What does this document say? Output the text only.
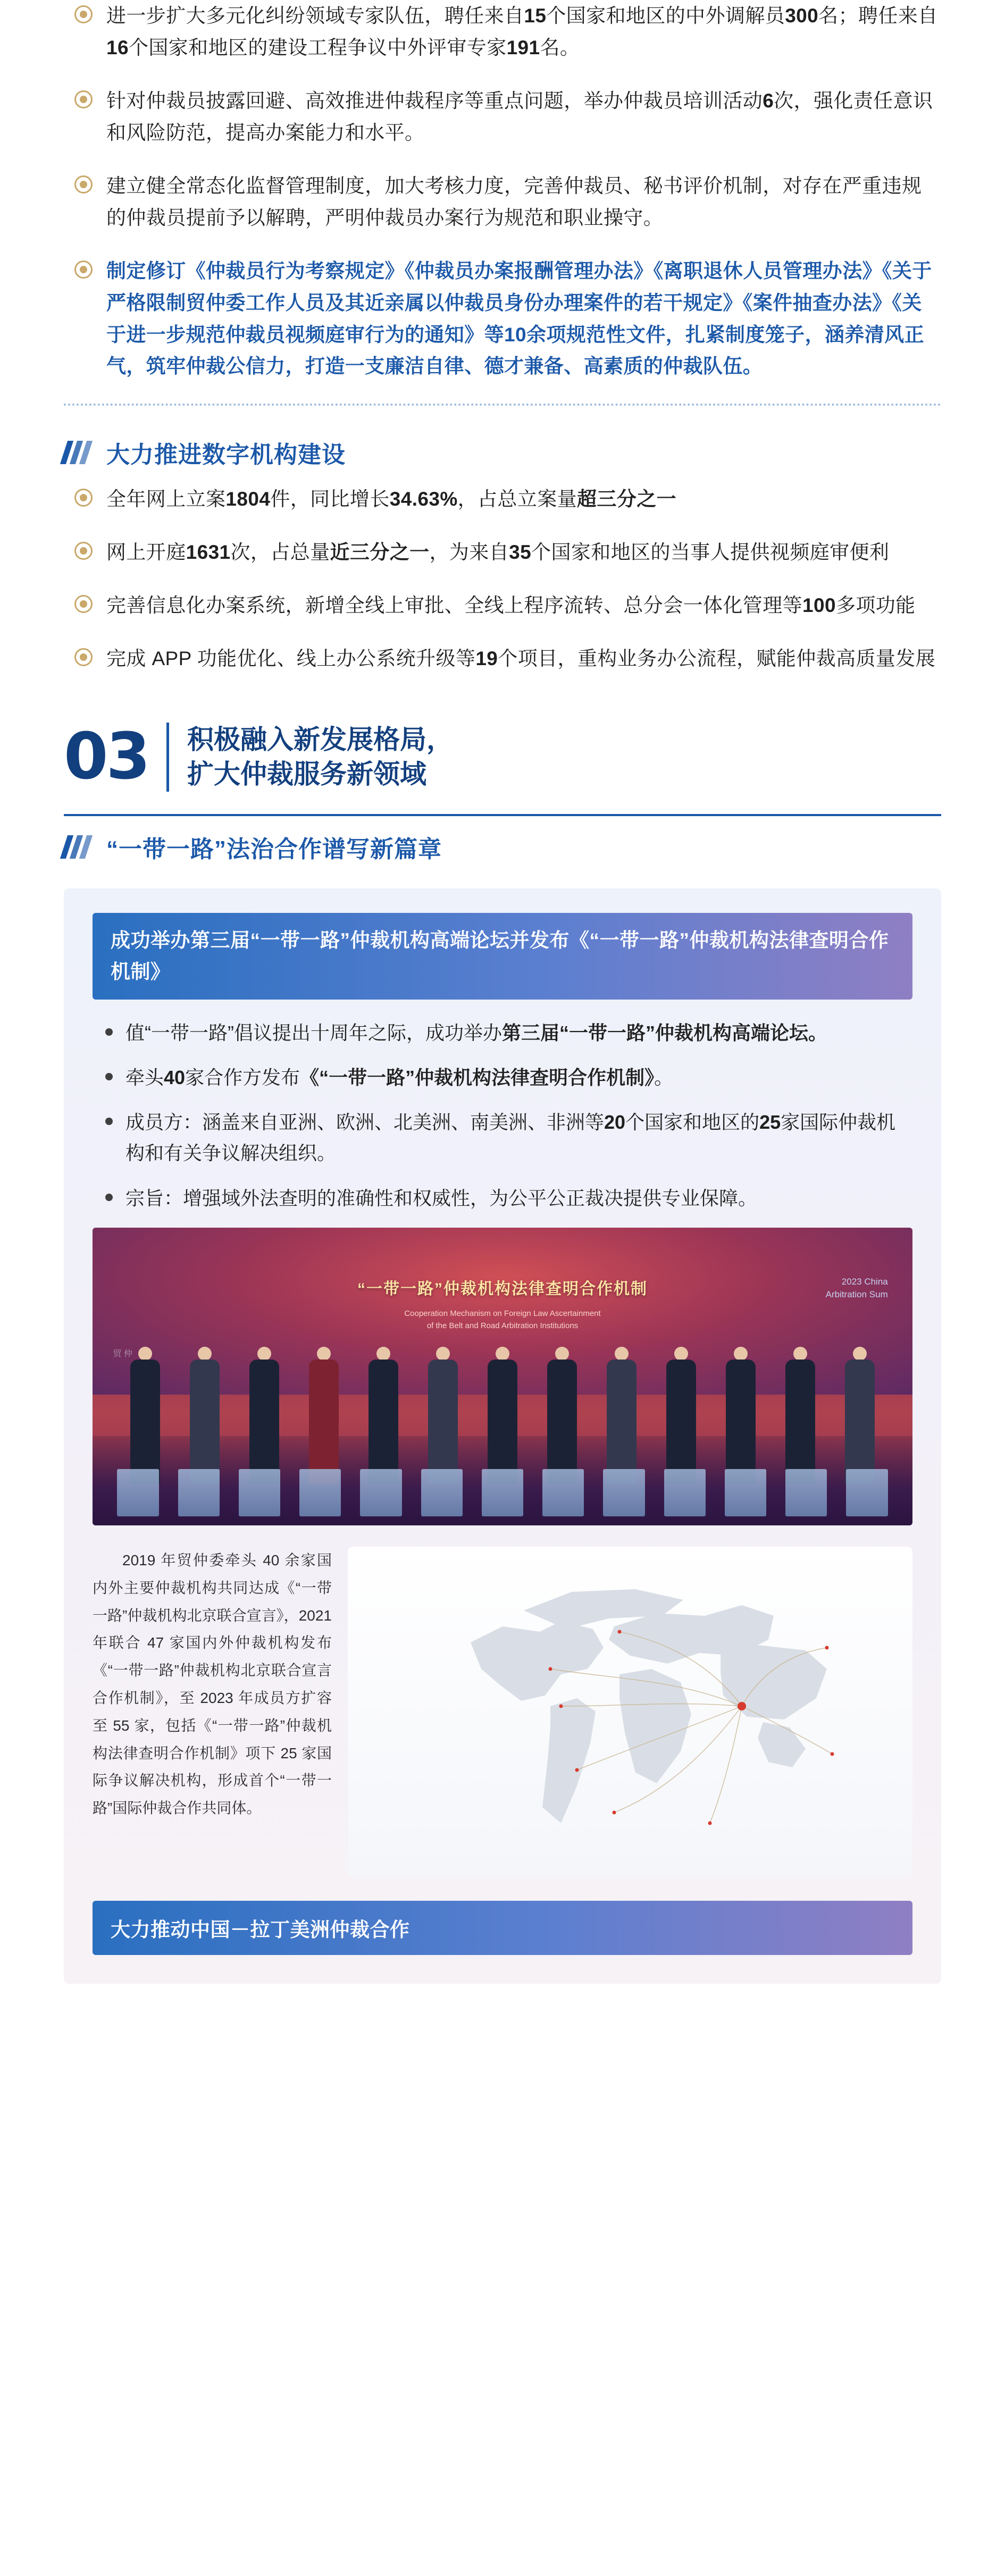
进一步扩大多元化纠纷领域专家队伍，聘任来自15个国家和地区的中外调解员300名；聘任来自16个国家和地区的建设工程争议中外评审专家191名。
针对仲裁员披露回避、高效推进仲裁程序等重点问题，举办仲裁员培训活动6次，强化责任意识和风险防范，提高办案能力和水平。
建立健全常态化监督管理制度，加大考核力度，完善仲裁员、秘书评价机制，对存在严重违规的仲裁员提前予以解聘，严明仲裁员办案行为规范和职业操守。
制定修订《仲裁员行为考察规定》《仲裁员办案报酬管理办法》《离职退休人员管理办法》《关于严格限制贸仲委工作人员及其近亲属以仲裁员身份办理案件的若干规定》《案件抽查办法》《关于进一步规范仲裁员视频庭审行为的通知》等10余项规范性文件，扎紧制度笼子，涵养清风正气，筑牢仲裁公信力，打造一支廉洁自律、德才兼备、高素质的仲裁队伍。
大力推进数字机构建设
全年网上立案1804件，同比增长34.63%，占总立案量超三分之一
网上开庭1631次，占总量近三分之一，为来自35个国家和地区的当事人提供视频庭审便利
完善信息化办案系统，新增全线上审批、全线上程序流转、总分会一体化管理等100多项功能
完成 APP 功能优化、线上办公系统升级等19个项目，重构业务办公流程，赋能仲裁高质量发展
03 积极融入新发展格局，
扩大仲裁服务新领域
“一带一路”法治合作谱写新篇章
成功举办第三届“一带一路”仲裁机构高端论坛并发布《“一带一路”仲裁机构法律查明合作机制》
值“一带一路”倡议提出十周年之际，成功举办第三届“一带一路”仲裁机构高端论坛。
牵头40家合作方发布《“一带一路”仲裁机构法律查明合作机制》。
成员方：涵盖来自亚洲、欧洲、北美洲、南美洲、非洲等20个国家和地区的25家国际仲裁机构和有关争议解决组织。
宗旨：增强域外法查明的准确性和权威性，为公平公正裁决提供专业保障。
“一带一路”仲裁机构法律查明合作机制
Cooperation Mechanism on Foreign Law Ascertainment
of the Belt and Road Arbitration Institutions
2023 China
Arbitration Sum
贸 仲
2019 年贸仲委牵头 40 余家国内外主要仲裁机构共同达成《“一带一路”仲裁机构北京联合宣言》，2021 年联合 47 家国内外仲裁机构发布《“一带一路”仲裁机构北京联合宣言合作机制》，至 2023 年成员方扩容至 55 家，包括《“一带一路”仲裁机构法律查明合作机制》项下 25 家国际争议解决机构，形成首个“一带一路”国际仲裁合作共同体。
大力推动中国－拉丁美洲仲裁合作
